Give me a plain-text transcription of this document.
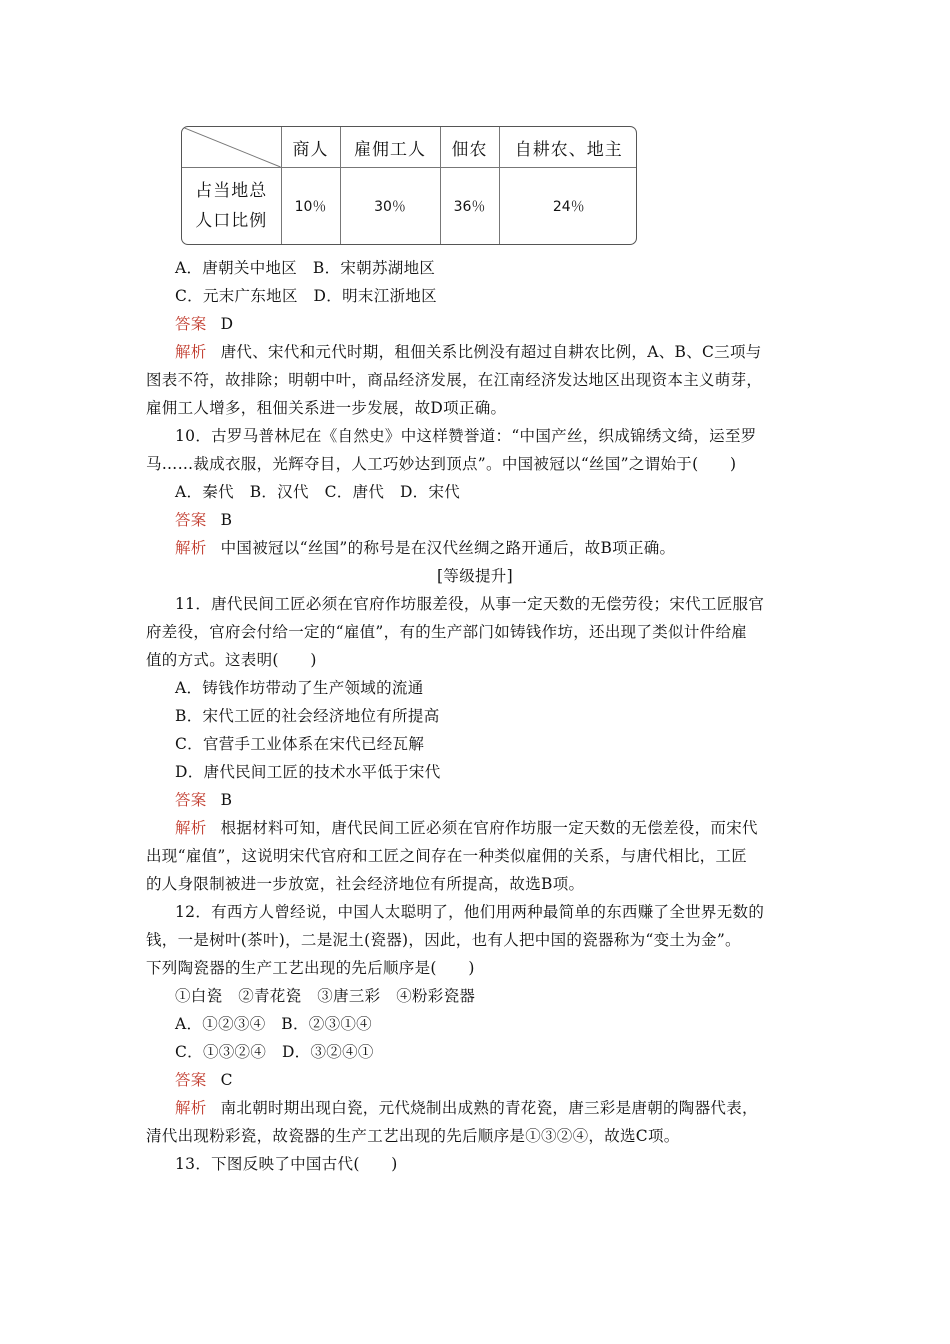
	商人	雇佣工人	佃农	自耕农、地主

占当地总
人口比例	10％	30％	36％	24％
A．唐朝关中地区　B．宋朝苏湖地区
C．元末广东地区　D．明末江浙地区
答案 D
解析 唐代、宋代和元代时期，租佃关系比例没有超过自耕农比例，A、B、C三项与
图表不符，故排除；明朝中叶，商品经济发展，在江南经济发达地区出现资本主义萌芽，
雇佣工人增多，租佃关系进一步发展，故D项正确。
10．古罗马普林尼在《自然史》中这样赞誉道：“中国产丝，织成锦绣文绮，运至罗
马……裁成衣服，光辉夺目，人工巧妙达到顶点”。中国被冠以“丝国”之谓始于(　　)
A．秦代　B．汉代　C．唐代　D．宋代
答案 B
解析 中国被冠以“丝国”的称号是在汉代丝绸之路开通后，故B项正确。
[等级提升]
11．唐代民间工匠必须在官府作坊服差役，从事一定天数的无偿劳役；宋代工匠服官
府差役，官府会付给一定的“雇值”，有的生产部门如铸钱作坊，还出现了类似计件给雇
值的方式。这表明(　　)
A．铸钱作坊带动了生产领域的流通
B．宋代工匠的社会经济地位有所提高
C．官营手工业体系在宋代已经瓦解
D．唐代民间工匠的技术水平低于宋代
答案 B
解析 根据材料可知，唐代民间工匠必须在官府作坊服一定天数的无偿差役，而宋代
出现“雇值”，这说明宋代官府和工匠之间存在一种类似雇佣的关系，与唐代相比，工匠
的人身限制被进一步放宽，社会经济地位有所提高，故选B项。
12．有西方人曾经说，中国人太聪明了，他们用两种最简单的东西赚了全世界无数的
钱，一是树叶(茶叶)，二是泥土(瓷器)，因此，也有人把中国的瓷器称为“变土为金”。
下列陶瓷器的生产工艺出现的先后顺序是(　　)
①白瓷　②青花瓷　③唐三彩　④粉彩瓷器
A．①②③④　B．②③①④
C．①③②④　D．③②④①
答案 C
解析 南北朝时期出现白瓷，元代烧制出成熟的青花瓷，唐三彩是唐朝的陶器代表，
清代出现粉彩瓷，故瓷器的生产工艺出现的先后顺序是①③②④，故选C项。
13．下图反映了中国古代(　　)
